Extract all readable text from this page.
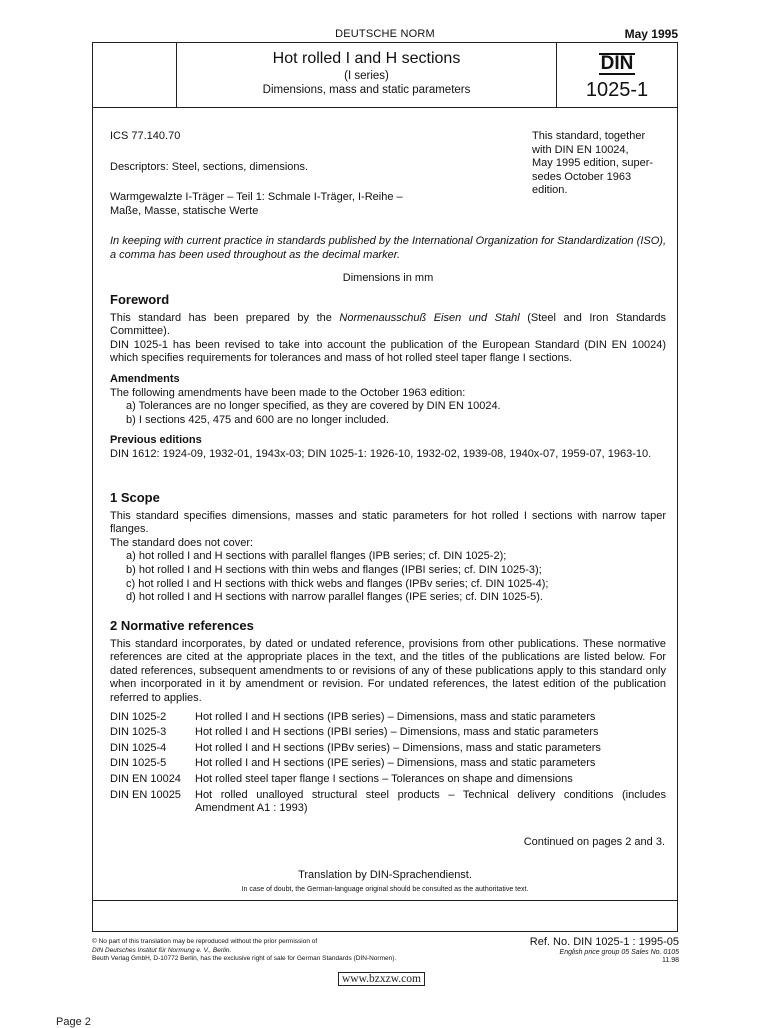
DEUTSCHE NORM	May 1995
Hot rolled I and H sections
(I series)
Dimensions, mass and static parameters
DIN
1025-1
ICS 77.140.70
Descriptors: Steel, sections, dimensions.
Warmgewalzte I-Träger – Teil 1: Schmale I-Träger, I-Reihe –
Maße, Masse, statische Werte
This standard, together
with DIN EN 10024,
May 1995 edition, super-
sedes October 1963
edition.
In keeping with current practice in standards published by the International Organization for Standardization (ISO), a comma has been used throughout as the decimal marker.
Dimensions in mm
Foreword
This standard has been prepared by the Normenausschuß Eisen und Stahl (Steel and Iron Standards Committee).
DIN 1025-1 has been revised to take into account the publication of the European Standard (DIN EN 10024) which specifies requirements for tolerances and mass of hot rolled steel taper flange I sections.
Amendments
The following amendments have been made to the October 1963 edition:
a) Tolerances are no longer specified, as they are covered by DIN EN 10024.
b) I sections 425, 475 and 600 are no longer included.
Previous editions
DIN 1612: 1924-09, 1932-01, 1943x-03; DIN 1025-1: 1926-10, 1932-02, 1939-08, 1940x-07, 1959-07, 1963-10.
1 Scope
This standard specifies dimensions, masses and static parameters for hot rolled I sections with narrow taper flanges.
The standard does not cover:
a) hot rolled I and H sections with parallel flanges (IPB series; cf. DIN 1025-2);
b) hot rolled I and H sections with thin webs and flanges (IPBI series; cf. DIN 1025-3);
c) hot rolled I and H sections with thick webs and flanges (IPBv series; cf. DIN 1025-4);
d) hot rolled I and H sections with narrow parallel flanges (IPE series; cf. DIN 1025-5).
2 Normative references
This standard incorporates, by dated or undated reference, provisions from other publications. These normative references are cited at the appropriate places in the text, and the titles of the publications are listed below. For dated references, subsequent amendments to or revisions of any of these publications apply to this standard only when incorporated in it by amendment or revision. For undated references, the latest edition of the publication referred to applies.
DIN 1025-2	Hot rolled I and H sections (IPB series) – Dimensions, mass and static parameters
DIN 1025-3	Hot rolled I and H sections (IPBI series) – Dimensions, mass and static parameters
DIN 1025-4	Hot rolled I and H sections (IPBv series) – Dimensions, mass and static parameters
DIN 1025-5	Hot rolled I and H sections (IPE series) – Dimensions, mass and static parameters
DIN EN 10024	Hot rolled steel taper flange I sections – Tolerances on shape and dimensions
DIN EN 10025	Hot rolled unalloyed structural steel products – Technical delivery conditions (includes Amendment A1 : 1993)
Continued on pages 2 and 3.
Translation by DIN-Sprachendienst.
In case of doubt, the German-language original should be consulted as the authoritative text.
© No part of this translation may be reproduced without the prior permission of
DIN Deutsches Institut für Normung e. V., Berlin.
Beuth Verlag GmbH, D-10772 Berlin, has the exclusive right of sale for German Standards (DIN-Normen).
Ref. No. DIN 1025-1 : 1995-05
English price group 05 Sales No. 0105
11.98
www.bzxzw.com
Page 2
